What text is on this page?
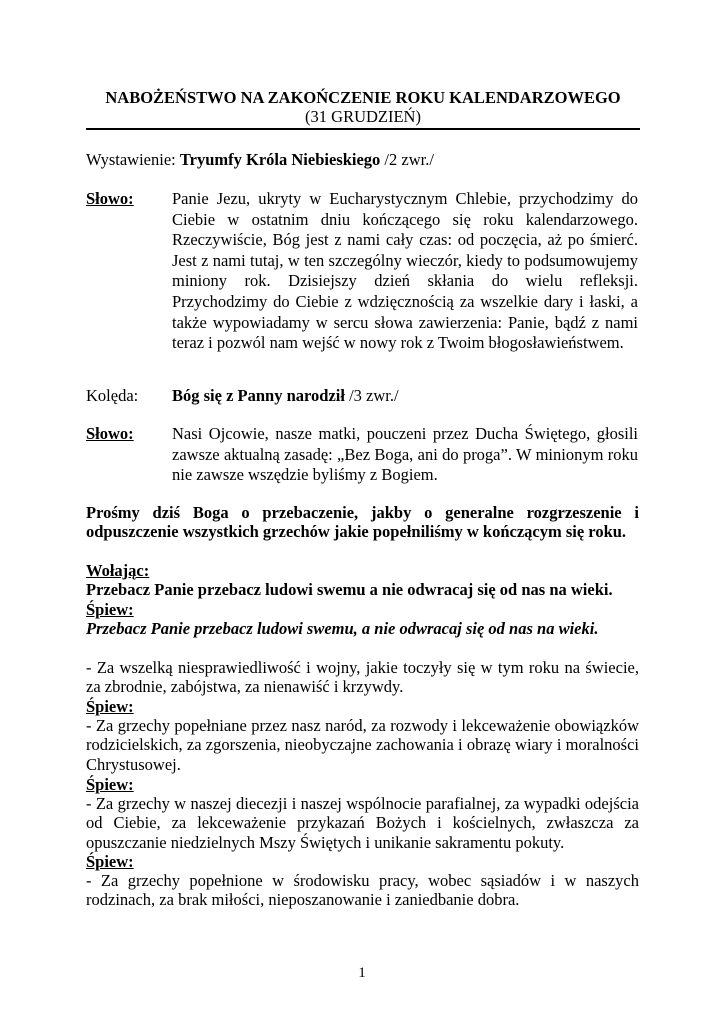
NABOŻEŃSTWO NA ZAKOŃCZENIE ROKU KALENDARZOWEGO
(31 GRUDZIEŃ)
Wystawienie: Tryumfy Króla Niebieskiego /2 zwr./
Słowo: Panie Jezu, ukryty w Eucharystycznym Chlebie, przychodzimy do Ciebie w ostatnim dniu kończącego się roku kalendarzowego. Rzeczywiście, Bóg jest z nami cały czas: od poczęcia, aż po śmierć. Jest z nami tutaj, w ten szczególny wieczór, kiedy to podsumowujemy miniony rok. Dzisiejszy dzień skłania do wielu refleksji. Przychodzimy do Ciebie z wdzięcznością za wszelkie dary i łaski, a także wypowiadamy w sercu słowa zawierzenia: Panie, bądź z nami teraz i pozwól nam wejść w nowy rok z Twoim błogosławieństwem.
Kolęda: Bóg się z Panny narodził /3 zwr./
Słowo: Nasi Ojcowie, nasze matki, pouczeni przez Ducha Świętego, głosili zawsze aktualną zasadę: „Bez Boga, ani do proga”. W minionym roku nie zawsze wszędzie byliśmy z Bogiem.
Prośmy dziś Boga o przebaczenie, jakby o generalne rozgrzeszenie i odpuszczenie wszystkich grzechów jakie popełniliśmy w kończącym się roku.
Wołając:
Przebacz Panie przebacz ludowi swemu a nie odwracaj się od nas na wieki.
Śpiew:
Przebacz Panie przebacz ludowi swemu, a nie odwracaj się od nas na wieki.
- Za wszelką niesprawiedliwość i wojny, jakie toczyły się w tym roku na świecie, za zbrodnie, zabójstwa, za nienawiść i krzywdy.
Śpiew:
- Za grzechy popełniane przez nasz naród, za rozwody i lekceważenie obowiązków rodzicielskich, za zgorszenia, nieobyczajne zachowania i obrazę wiary i moralności Chrystusowej.
Śpiew:
- Za grzechy w naszej diecezji i naszej wspólnocie parafialnej, za wypadki odejścia od Ciebie, za lekceważenie przykazań Bożych i kościelnych, zwłaszcza za opuszczanie niedzielnych Mszy Świętych i unikanie sakramentu pokuty.
Śpiew:
- Za grzechy popełnione w środowisku pracy, wobec sąsiadów i w naszych rodzinach, za brak miłości, nieposzanowanie i zaniedbanie dobra.
1
